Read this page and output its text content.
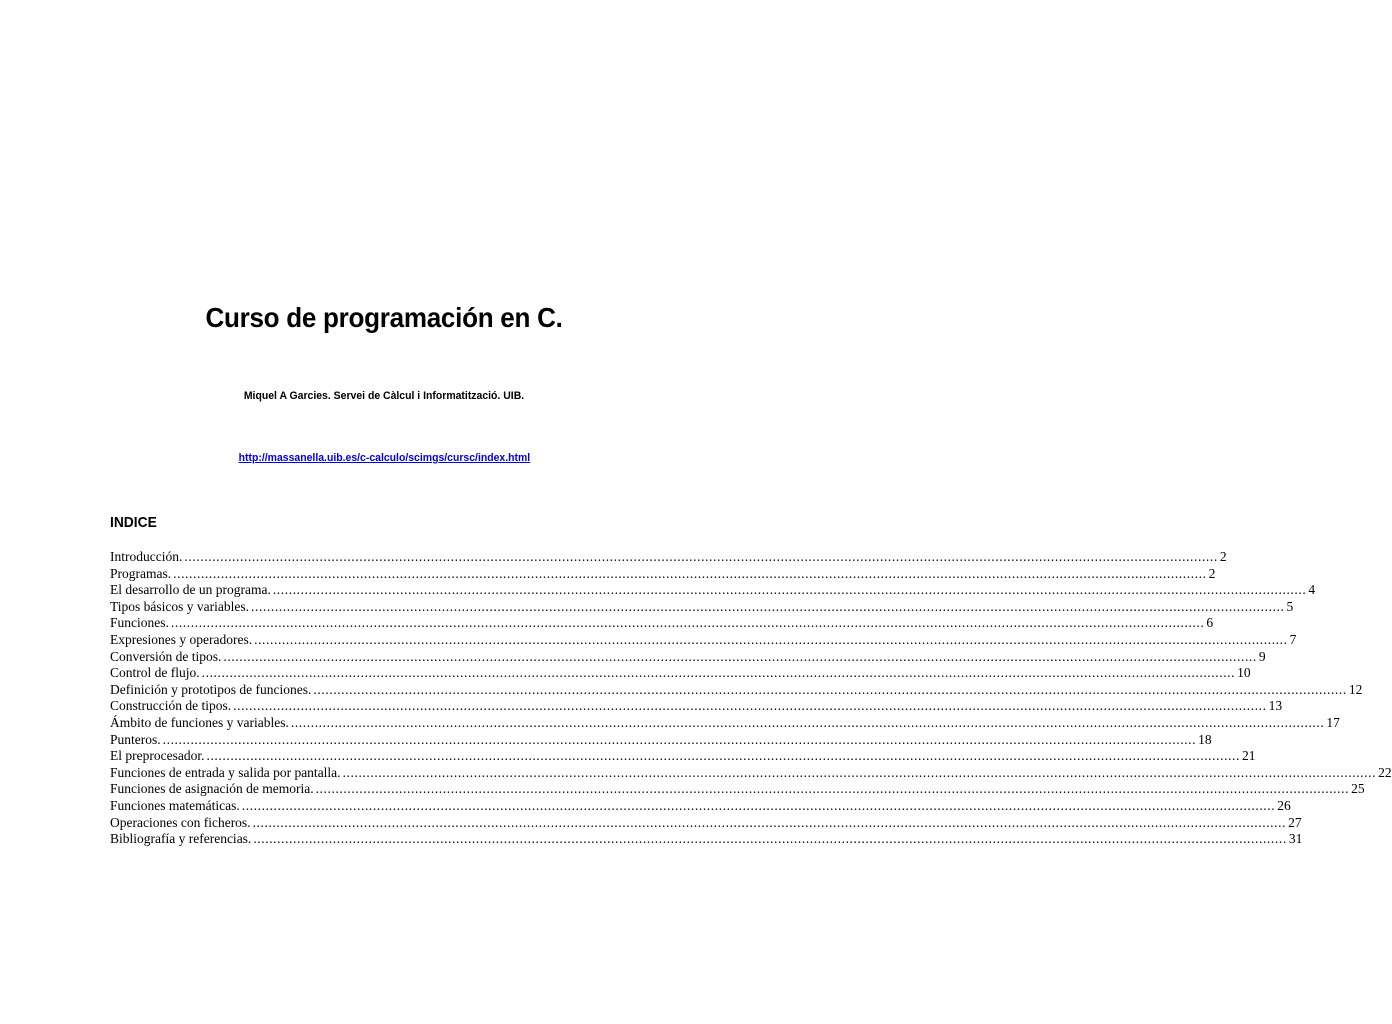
Curso de programación en C.
Miquel A Garcies. Servei de Càlcul i Informatització. UIB.
http://massanella.uib.es/c-calculo/scimgs/cursc/index.html
INDICE
Introducción. .................................................................................................................................................................................................................................................................... 2
Programas. .................................................................................................................................................................................................................................................................... 2
El desarrollo de un programa. .................................................................................................................................................................................................................................................................... 4
Tipos básicos y variables. .................................................................................................................................................................................................................................................................... 5
Funciones. .................................................................................................................................................................................................................................................................... 6
Expresiones y operadores. .................................................................................................................................................................................................................................................................... 7
Conversión de tipos. .................................................................................................................................................................................................................................................................... 9
Control de flujo. .................................................................................................................................................................................................................................................................... 10
Definición y prototipos de funciones. .................................................................................................................................................................................................................................................................... 12
Construcción de tipos. .................................................................................................................................................................................................................................................................... 13
Ámbito de funciones y variables. .................................................................................................................................................................................................................................................................... 17
Punteros. .................................................................................................................................................................................................................................................................... 18
El preprocesador. .................................................................................................................................................................................................................................................................... 21
Funciones de entrada y salida por pantalla. .................................................................................................................................................................................................................................................................... 22
Funciones de asignación de memoria. .................................................................................................................................................................................................................................................................... 25
Funciones matemáticas. .................................................................................................................................................................................................................................................................... 26
Operaciones con ficheros. .................................................................................................................................................................................................................................................................... 27
Bibliografía y referencias. .................................................................................................................................................................................................................................................................... 31
